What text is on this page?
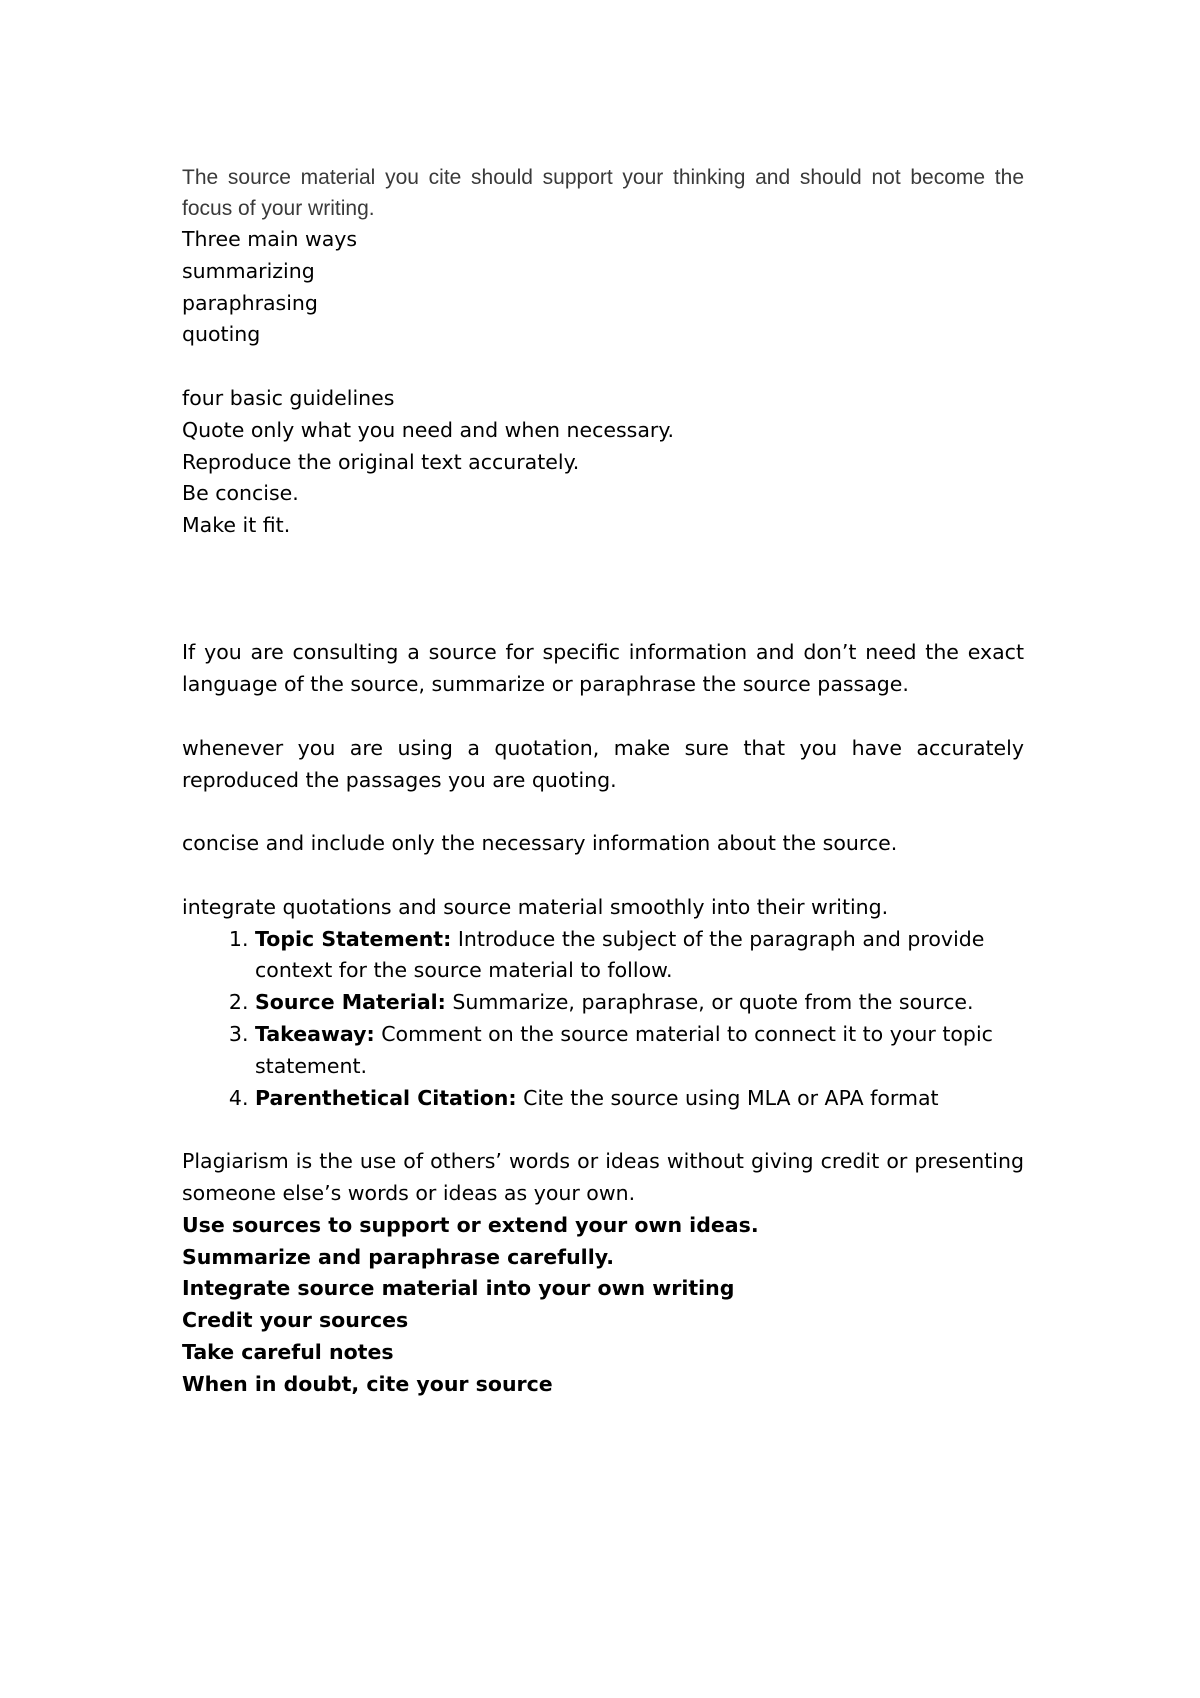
The source material you cite should support your thinking and should not become the focus of your writing.

Three main ways

summarizing

paraphrasing

quoting

four basic guidelines

Quote only what you need and when necessary.

Reproduce the original text accurately.

Be concise.

Make it fit.

If you are consulting a source for specific information and don’t need the exact language of the source, summarize or paraphrase the source passage.

whenever you are using a quotation, make sure that you have accurately reproduced the passages you are quoting.

concise and include only the necessary information about the source.

integrate quotations and source material smoothly into their writing.

1. Topic Statement: Introduce the subject of the paragraph and provide context for the source material to follow.
2. Source Material: Summarize, paraphrase, or quote from the source.
3. Takeaway: Comment on the source material to connect it to your topic statement.
4. Parenthetical Citation: Cite the source using MLA or APA format

Plagiarism is the use of others’ words or ideas without giving credit or presenting someone else’s words or ideas as your own.

Use sources to support or extend your own ideas.

Summarize and paraphrase carefully.

Integrate source material into your own writing

Credit your sources

Take careful notes

When in doubt, cite your source
